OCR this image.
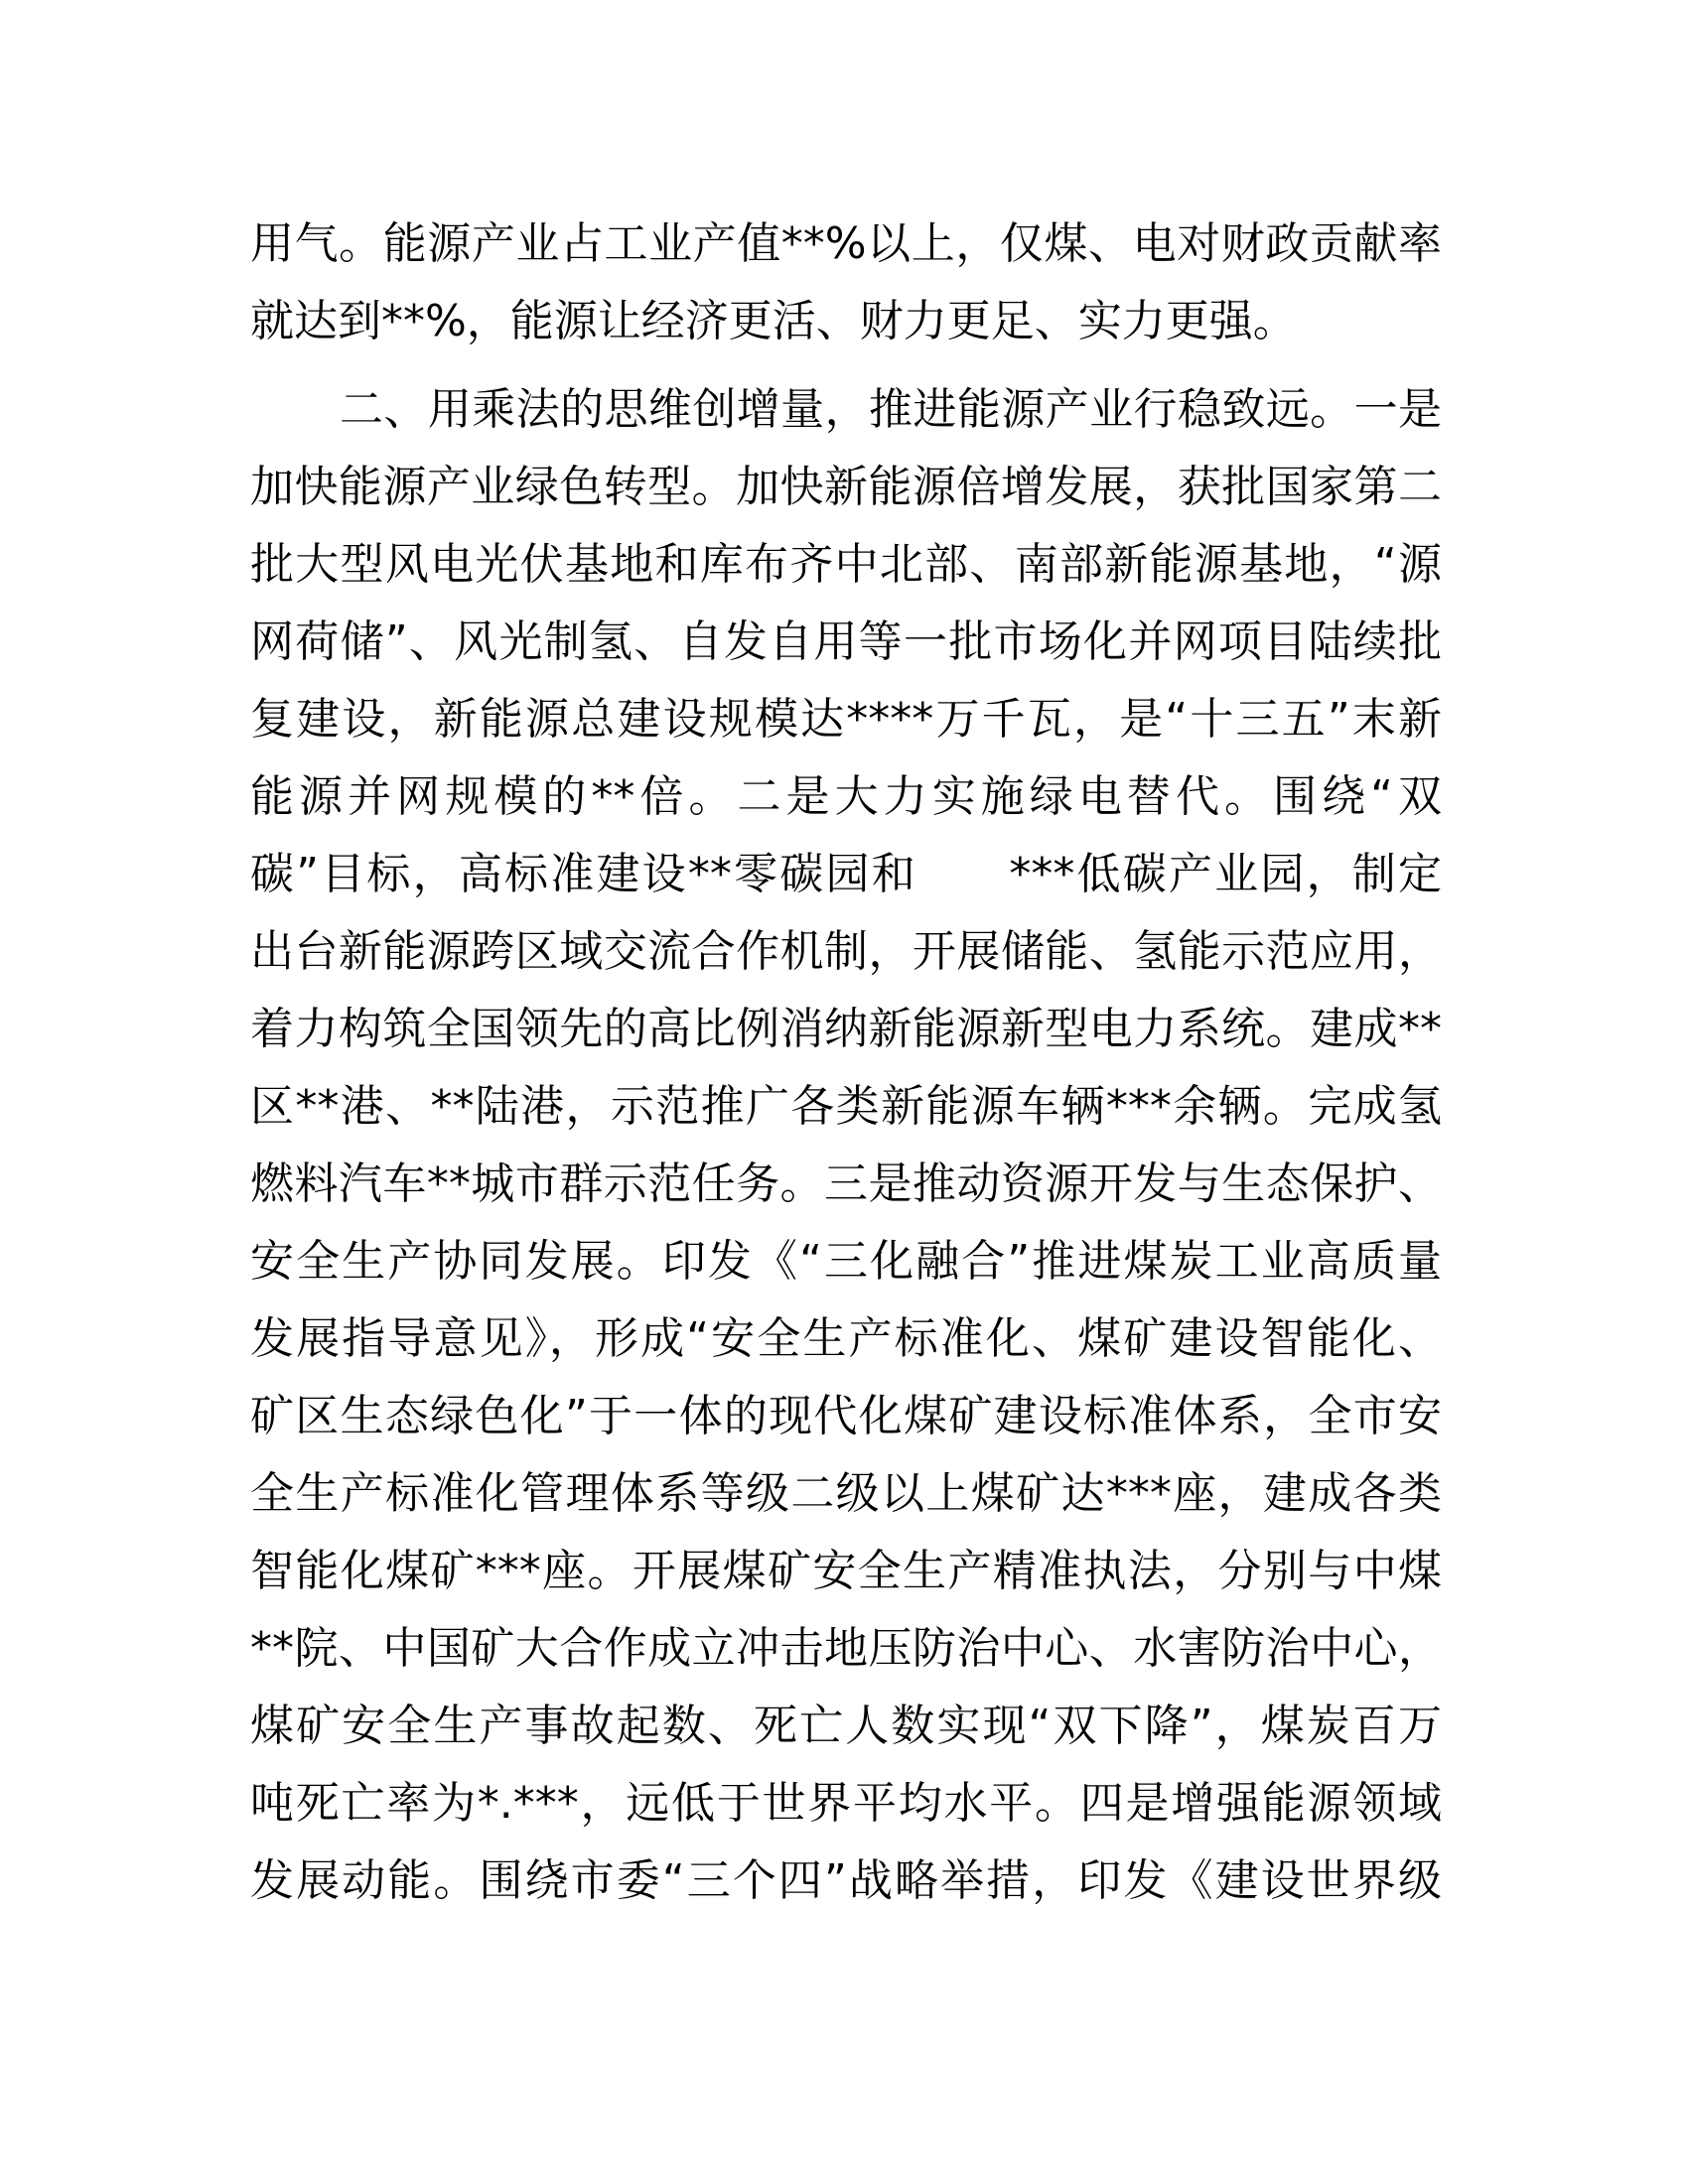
用气。能源产业占工业产值**%以上，仅煤、电对财政贡献率
就达到**%，能源让经济更活、财力更足、实力更强。
二、用乘法的思维创增量，推进能源产业行稳致远。一是
加快能源产业绿色转型。加快新能源倍增发展，获批国家第二
批大型风电光伏基地和库布齐中北部、南部新能源基地，“源
网荷储”、风光制氢、自发自用等一批市场化并网项目陆续批
复建设，新能源总建设规模达****万千瓦，是“十三五”末新
能源并网规模的**倍。二是大力实施绿电替代。围绕“双
碳”目标，高标准建设**零碳园和　　***低碳产业园，制定
出台新能源跨区域交流合作机制，开展储能、氢能示范应用，
着力构筑全国领先的高比例消纳新能源新型电力系统。建成**
区**港、**陆港，示范推广各类新能源车辆***余辆。完成氢
燃料汽车**城市群示范任务。三是推动资源开发与生态保护、
安全生产协同发展。印发《“三化融合”推进煤炭工业高质量
发展指导意见》，形成“安全生产标准化、煤矿建设智能化、
矿区生态绿色化”于一体的现代化煤矿建设标准体系，全市安
全生产标准化管理体系等级二级以上煤矿达***座，建成各类
智能化煤矿***座。开展煤矿安全生产精准执法，分别与中煤
**院、中国矿大合作成立冲击地压防治中心、水害防治中心，
煤矿安全生产事故起数、死亡人数实现“双下降”，煤炭百万
吨死亡率为*.***，远低于世界平均水平。四是增强能源领域
发展动能。围绕市委“三个四”战略举措，印发《建设世界级
